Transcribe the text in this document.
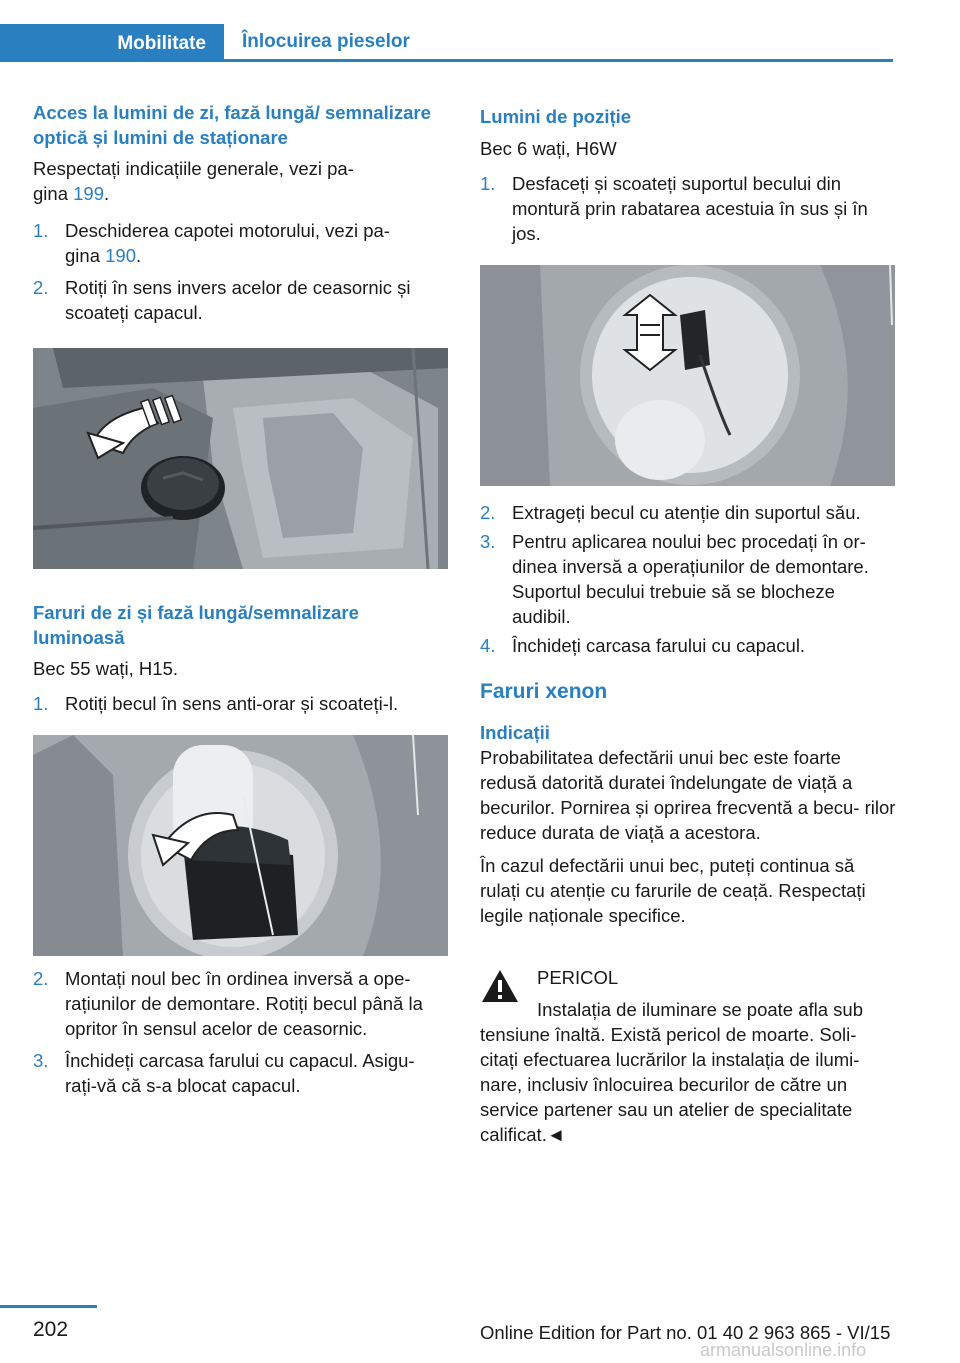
Mobilitate	Înlocuirea pieselor
Acces la lumini de zi, fază lungă/ semnalizare optică și lumini de staționare

Respectați indicațiile generale, vezi pa‐ gina 199.

1. Deschiderea capotei motorului, vezi pa‐ gina 190.
2. Rotiți în sens invers acelor de ceasornic și scoateți capacul.
Faruri de zi și fază lungă/semnalizare luminoasă

Bec 55 wați, H15.

1. Rotiți becul în sens anti-orar și scoateți-l.
2. Montați noul bec în ordinea inversă a ope‐ rațiunilor de demontare. Rotiți becul până la opritor în sensul acelor de ceasornic.
3. Închideți carcasa farului cu capacul. Asigu‐ rați-vă că s-a blocat capacul.
Lumini de poziție

Bec 6 wați, H6W

1. Desfaceți și scoateți suportul becului din montură prin rabatarea acestuia în sus și în jos.
2. Extrageți becul cu atenție din suportul său.
3. Pentru aplicarea noului bec procedați în or‐ dinea inversă a operațiunilor de demontare. Suportul becului trebuie să se blocheze audibil.
4. Închideți carcasa farului cu capacul.
Faruri xenon
Indicații

Probabilitatea defectării unui bec este foarte redusă datorită duratei îndelungate de viață a becurilor. Pornirea și oprirea frecventă a becu‐ rilor reduce durata de viață a acestora.

În cazul defectării unui bec, puteți continua să rulați cu atenție cu farurile de ceață. Respectați legile naționale specifice.

PERICOL
Instalația de iluminare se poate afla sub
tensiune înaltă. Există pericol de moarte. Soli‐ citați efectuarea lucrărilor la instalația de ilumi‐ nare, inclusiv înlocuirea becurilor de către un service partener sau un atelier de specialitate calificat.◄
202	Online Edition for Part no. 01 40 2 963 865 - VI/15
armanualsonline.info
